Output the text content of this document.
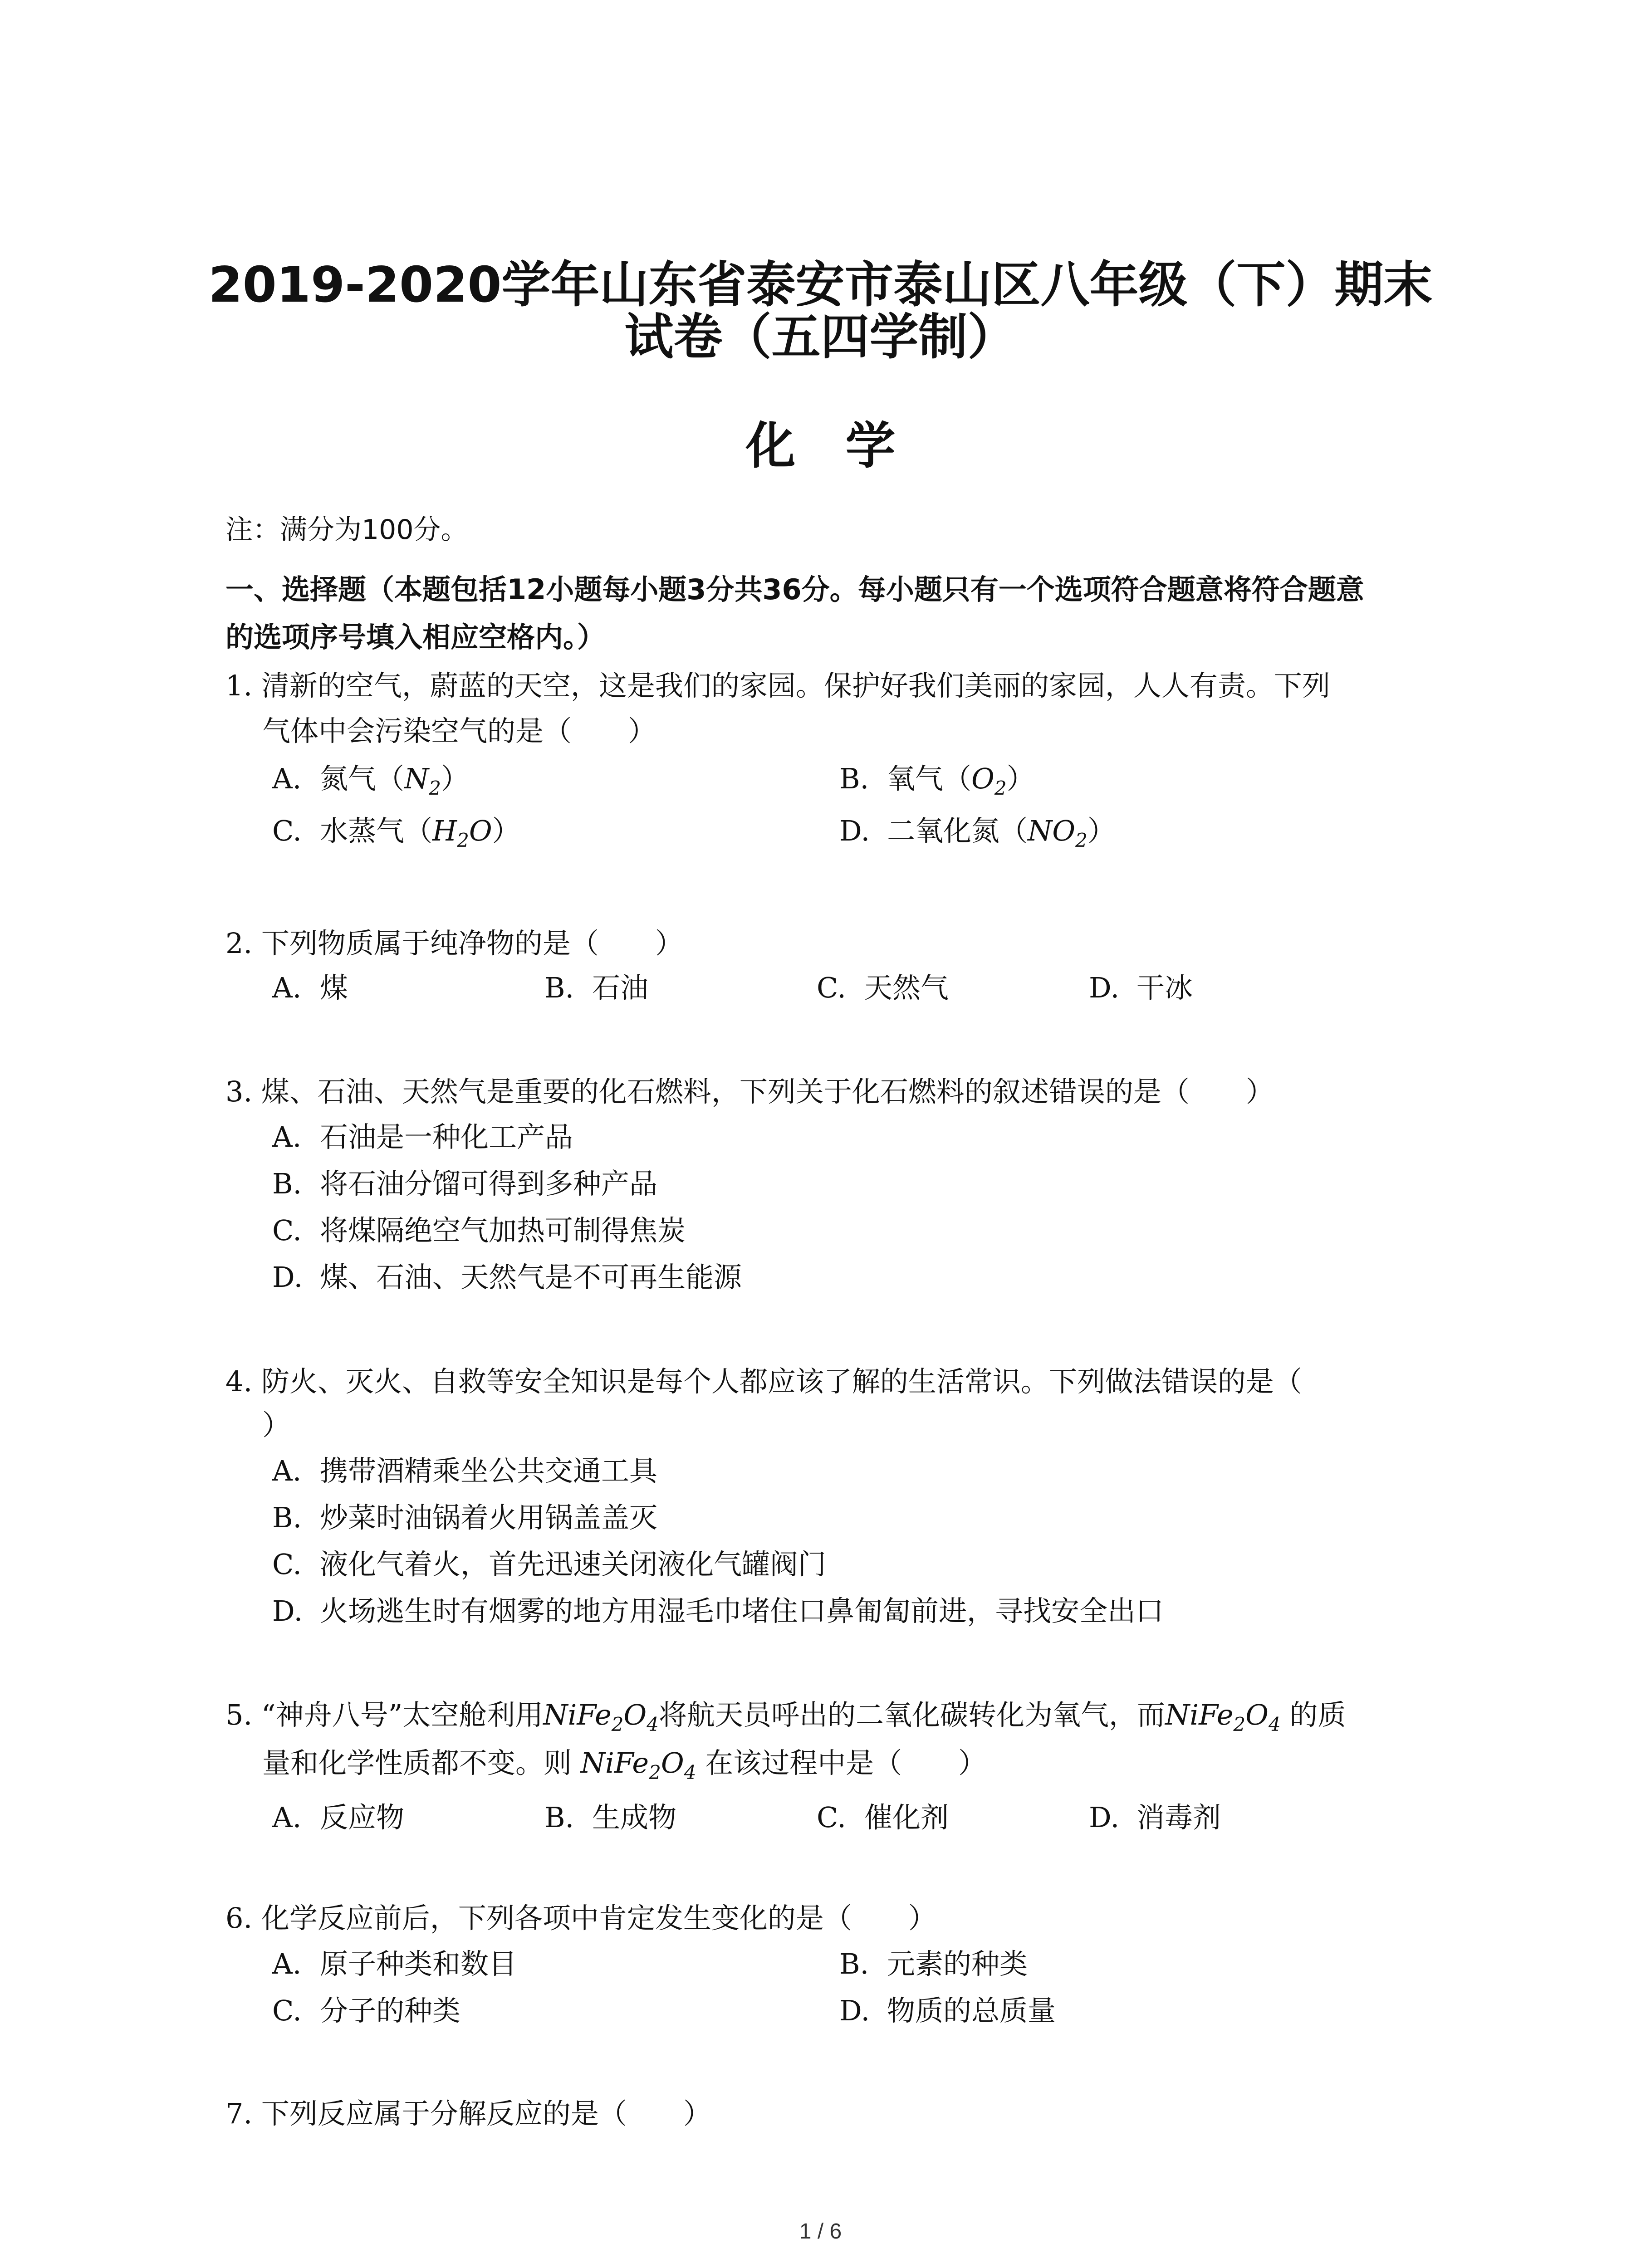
2019-2020学年山东省泰安市泰山区八年级（下）期末
试卷（五四学制）
化学

注：满分为100分。

一、选择题（本题包括12小题每小题3分共36分。每小题只有一个选项符合题意将符合题意

的选项序号填入相应空格内。）

1. 清新的空气，蔚蓝的天空，这是我们的家园。保护好我们美丽的家园，人人有责。下列

气体中会污染空气的是（　　）

A. 氮气$(N_2)$	B. 氧气$(O_2)$

C. 水蒸气$(H_2O)$	D. 二氧化氮$(NO_2)$

2. 下列物质属于纯净物的是（　　）

A. 煤	B. 石油	C. 天然气	D. 干冰

3. 煤、石油、天然气是重要的化石燃料，下列关于化石燃料的叙述错误的是（　　）

A. 石油是一种化工产品

B. 将石油分馏可得到多种产品

C. 将煤隔绝空气加热可制得焦炭

D. 煤、石油、天然气是不可再生能源

4. 防火、灭火、自救等安全知识是每个人都应该了解的生活常识。下列做法错误的是（

）

A. 携带酒精乘坐公共交通工具

B. 炒菜时油锅着火用锅盖盖灭

C. 液化气着火，首先迅速关闭液化气罐阀门

D. 火场逃生时有烟雾的地方用湿毛巾堵住口鼻匍匐前进，寻找安全出口

5. “神舟八号”太空舱利用$NiFe_2O_4$将航天员呼出的二氧化碳转化为氧气，而$NiFe_2O_4$ 的质

量和化学性质都不变。则 $NiFe_2O_4$ 在该过程中是（　　）

A. 反应物	B. 生成物	C. 催化剂	D. 消毒剂

6. 化学反应前后，下列各项中肯定发生变化的是（　　）

A. 原子种类和数目	B. 元素的种类

C. 分子的种类	D. 物质的总质量

7. 下列反应属于分解反应的是（　　）

1 / 6
